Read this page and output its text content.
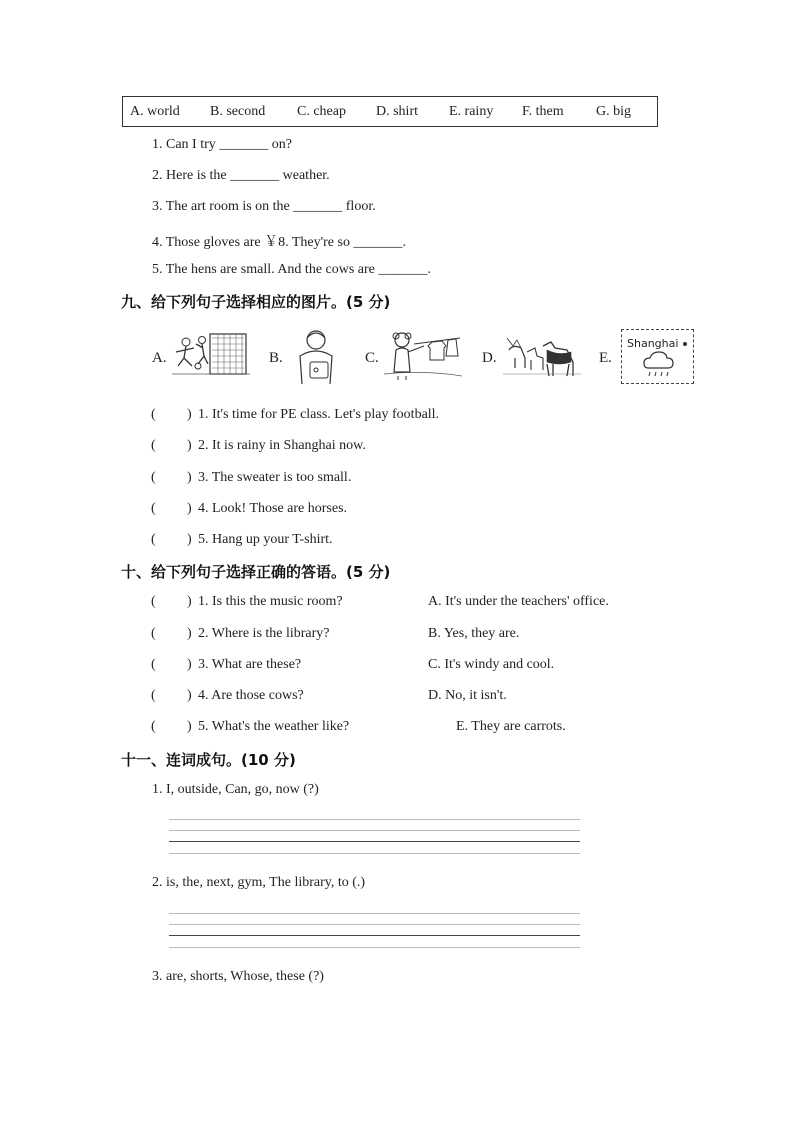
A. world B. second C. cheap D. shirt E. rainy F. them G. big
1. Can I try _______ on?
2. Here is the _______ weather.
3. The art room is on the _______ floor.
4. Those gloves are ￥8. They're so _______.
5. The hens are small. And the cows are _______.
九、给下列句子选择相应的图片。(5 分)
A.	B.	C.	D.	E.
Shanghai
( ) 1. It's time for PE class. Let's play football.
( ) 2. It is rainy in Shanghai now.
( ) 3. The sweater is too small.
( ) 4. Look! Those are horses.
( ) 5. Hang up your T-shirt.
十、给下列句子选择正确的答语。(5 分)
( ) 1. Is this the music room?	A. It's under the teachers' office.
( ) 2. Where is the library?	B. Yes, they are.
( ) 3. What are these?	C. It's windy and cool.
( ) 4. Are those cows?	D. No, it isn't.
( ) 5. What's the weather like?	E. They are carrots.
十一、连词成句。(10 分)
1. I, outside, Can, go, now (?)
2. is, the, next, gym, The library, to (.)
3. are, shorts, Whose, these (?)
